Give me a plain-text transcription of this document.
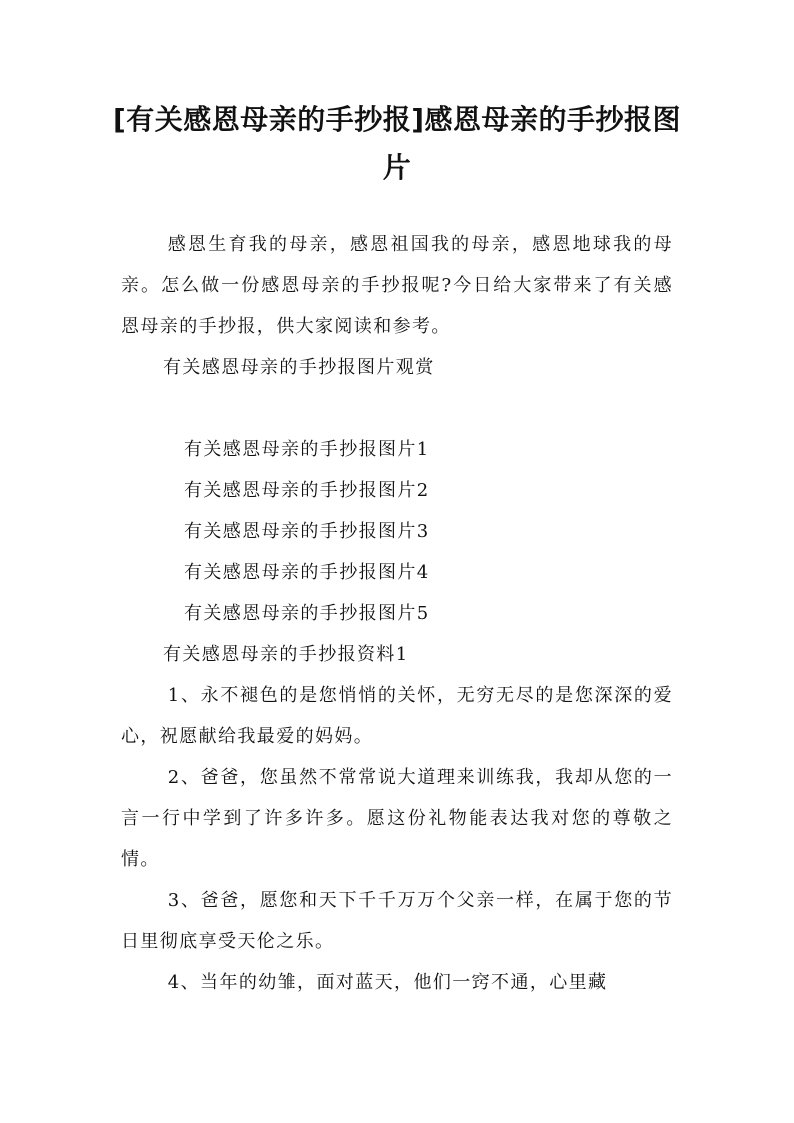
[有关感恩母亲的手抄报]感恩母亲的手抄报图片

感恩生育我的母亲，感恩祖国我的母亲，感恩地球我的母亲。怎么做一份感恩母亲的手抄报呢?今日给大家带来了有关感恩母亲的手抄报，供大家阅读和参考。

有关感恩母亲的手抄报图片观赏

有关感恩母亲的手抄报图片1

有关感恩母亲的手抄报图片2

有关感恩母亲的手抄报图片3

有关感恩母亲的手抄报图片4

有关感恩母亲的手抄报图片5

有关感恩母亲的手抄报资料1

1、永不褪色的是您悄悄的关怀，无穷无尽的是您深深的爱心，祝愿献给我最爱的妈妈。

2、爸爸，您虽然不常常说大道理来训练我，我却从您的一言一行中学到了许多许多。愿这份礼物能表达我对您的尊敬之情。

3、爸爸，愿您和天下千千万万个父亲一样，在属于您的节日里彻底享受天伦之乐。

4、当年的幼雏，面对蓝天，他们一窍不通，心里藏
